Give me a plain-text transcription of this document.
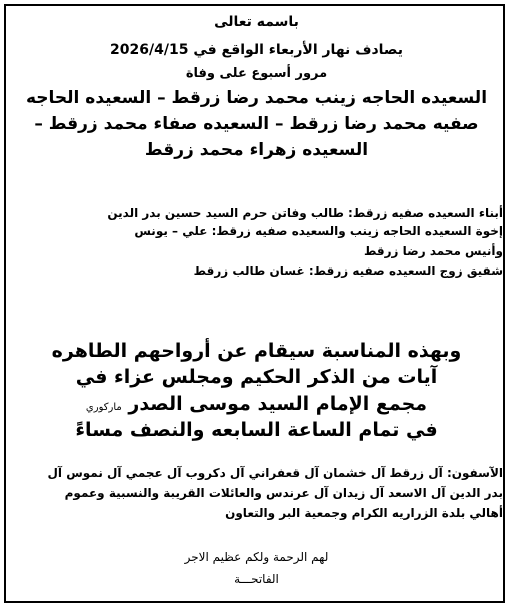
باسمه تعالى
يصادف نهار الأربعاء الواقع في 2026/4/15
مرور أسبوع على وفاة
السعيده الحاجه زينب محمد رضا زرقط – السعيده الحاجه
صفيه محمد رضا زرقط – السعيده صفاء محمد زرقط –
السعيده زهراء محمد زرقط
أبناء السعيده صفيه زرقط: طالب وفاتن حرم السيد حسين بدر الدين
إخوة السعيده الحاجه زينب والسعيده صفيه زرقط: علي – يونس
وأنيس محمد رضا زرقط
شقيق زوج السعيده صفيه زرقط: غسان طالب زرقط
وبهذه المناسبة سيقام عن أرواحهم الطاهره
آيات من الذكر الحكيم ومجلس عزاء في
مجمع الإمام السيد موسى الصدر ماركوري
في تمام الساعة السابعه والنصف مساءً
الآسفون: آل زرقط آل خشمان آل قعفراني آل دكروب آل عجمي آل نموس آل
بدر الدين آل الاسعد آل زيدان آل عرندس والعائلات القريبة والنسبية وعموم
أهالي بلدة الزراريه الكرام وجمعية البر والتعاون
لهم الرحمة ولكم عظيم الاجر
الفاتحـــة
